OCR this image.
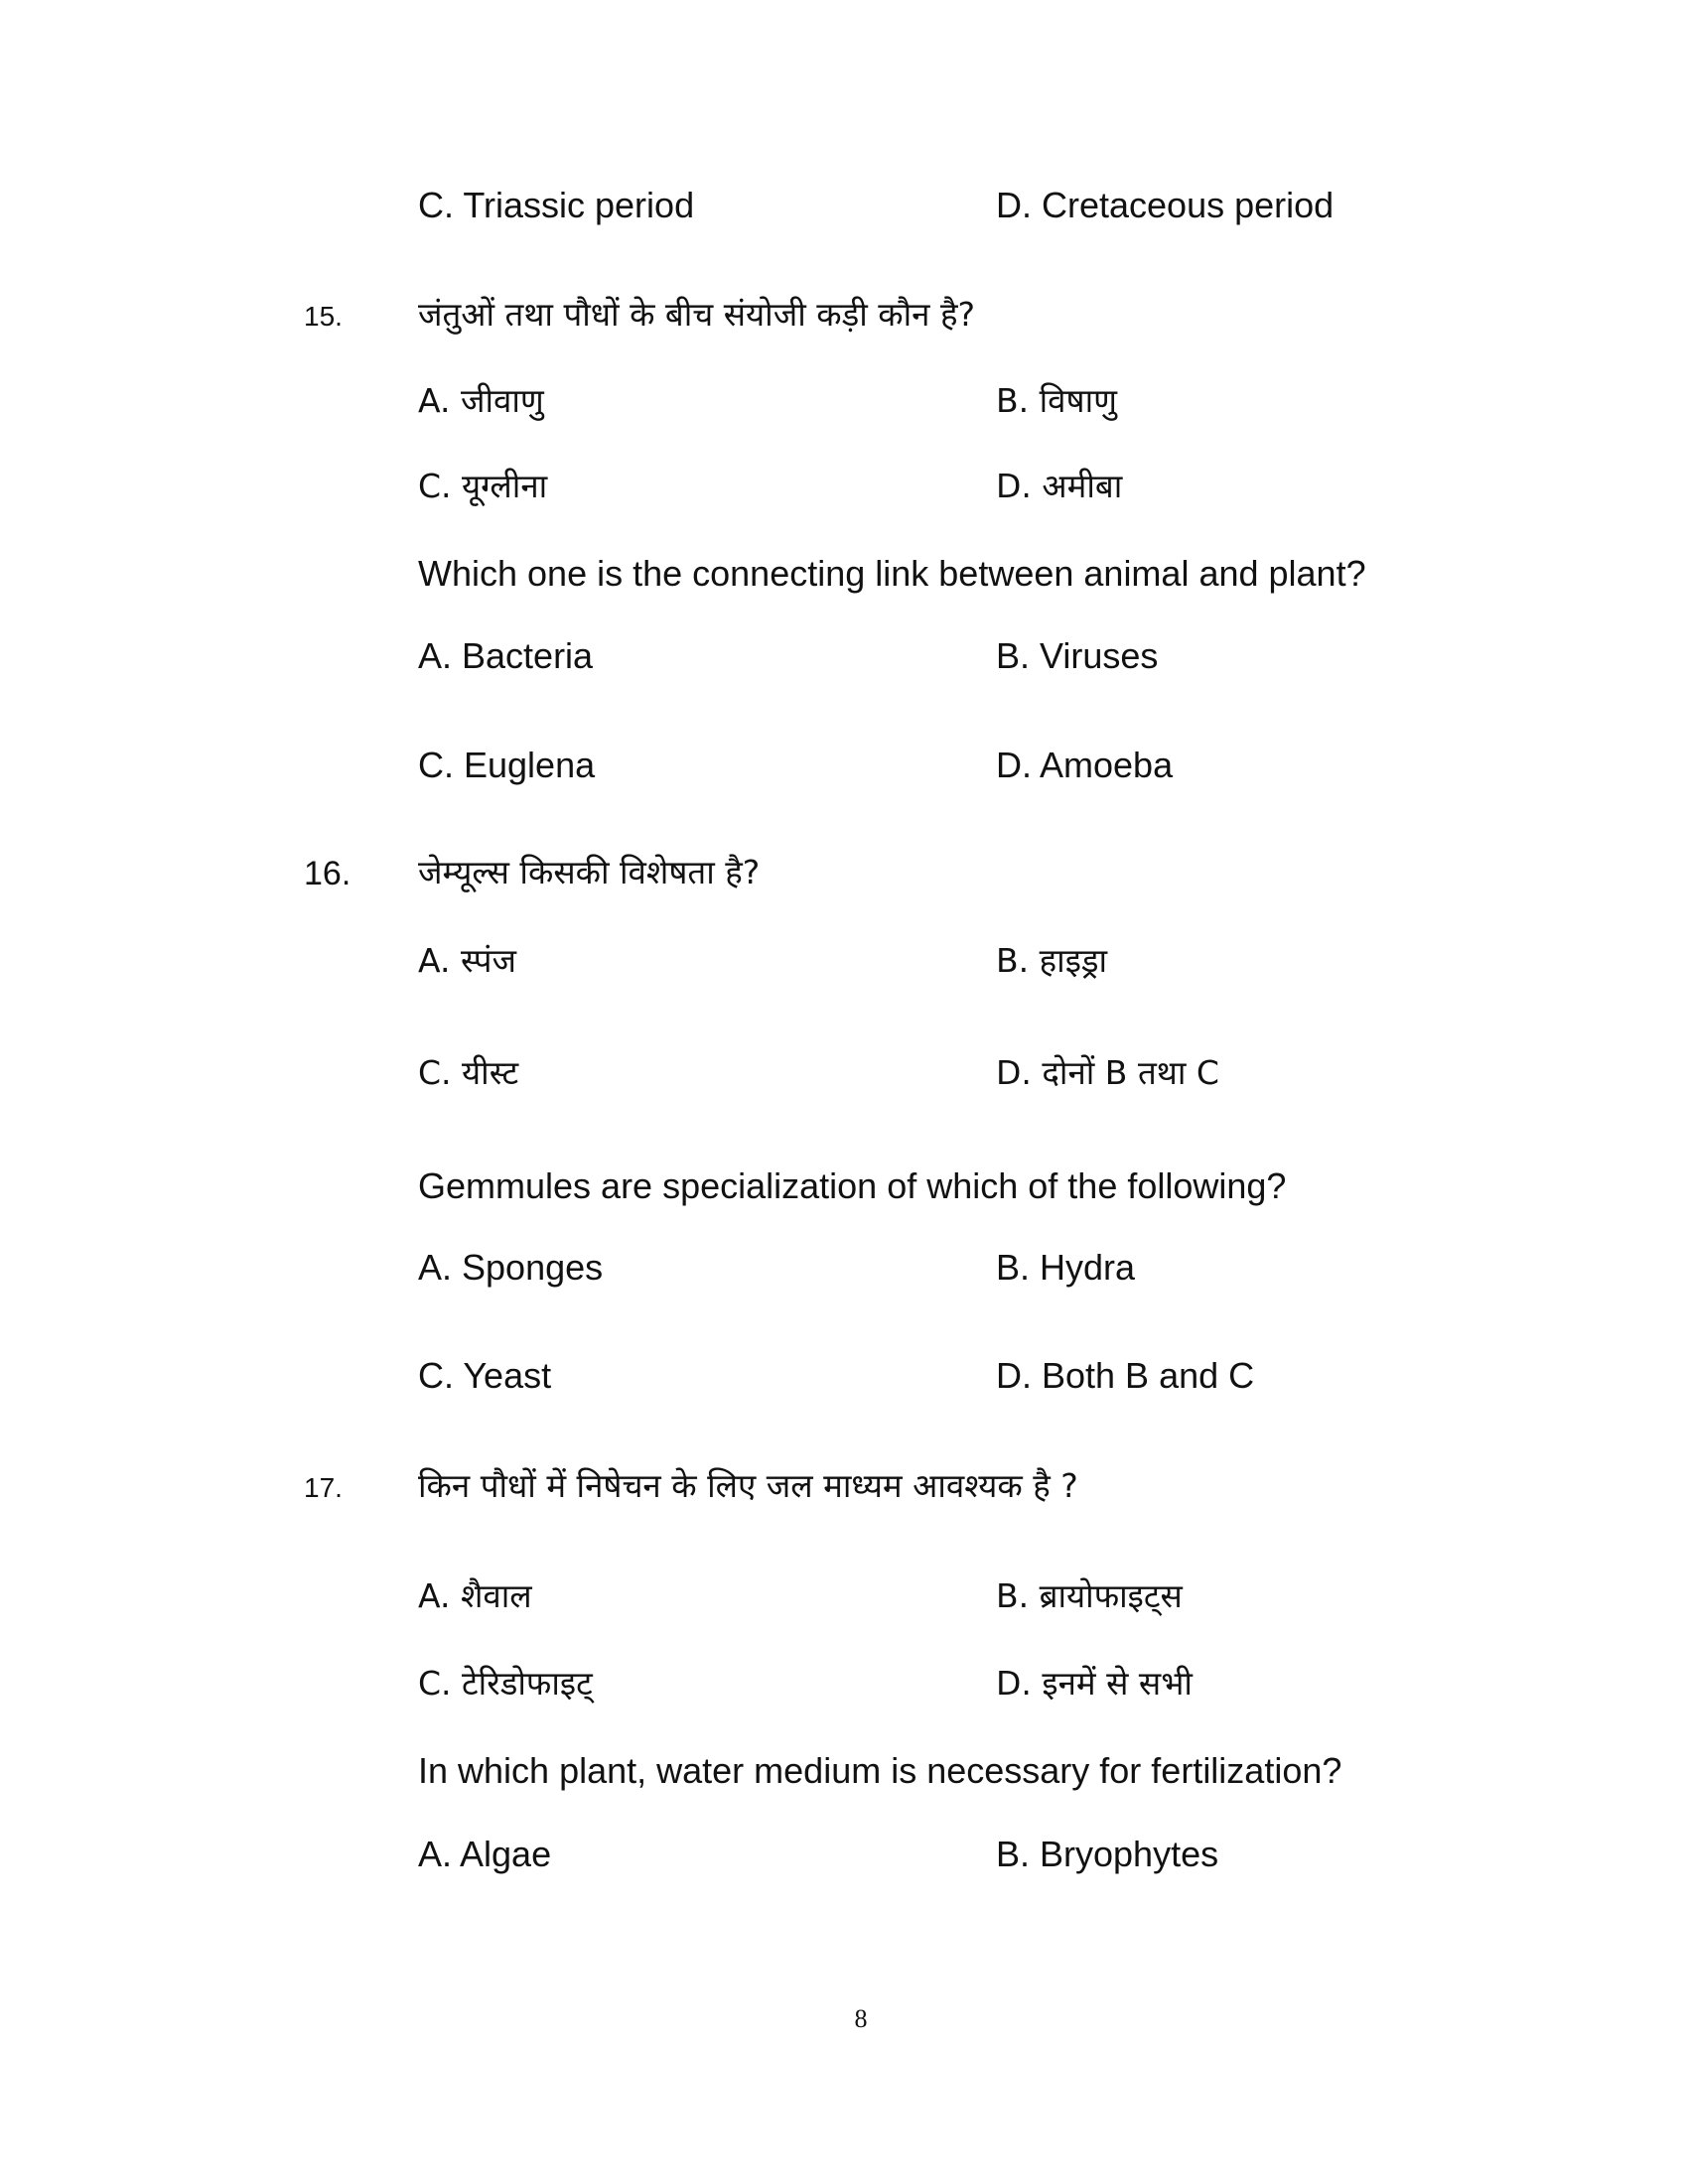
C. Triassic period	D. Cretaceous period
15. जंतुओं तथा पौधों के बीच संयोजी कड़ी कौन है?
A. जीवाणु	B. विषाणु
C. यूग्लीना	D. अमीबा
Which one is the connecting link between animal and plant?
A. Bacteria	B. Viruses
C. Euglena	D. Amoeba
16. जेम्यूल्स किसकी विशेषता है?
A. स्पंज	B. हाइड्रा
C. यीस्ट	D. दोनों B तथा C
Gemmules are specialization of which of the following?
A. Sponges	B. Hydra
C. Yeast	D. Both B and C
17. किन पौधों में निषेचन के लिए जल माध्यम आवश्यक है ?
A. शैवाल	B. ब्रायोफाइट्स
C. टेरिडोफाइट्	D. इनमें से सभी
In which plant, water medium is necessary for fertilization?
A. Algae	B. Bryophytes
8
